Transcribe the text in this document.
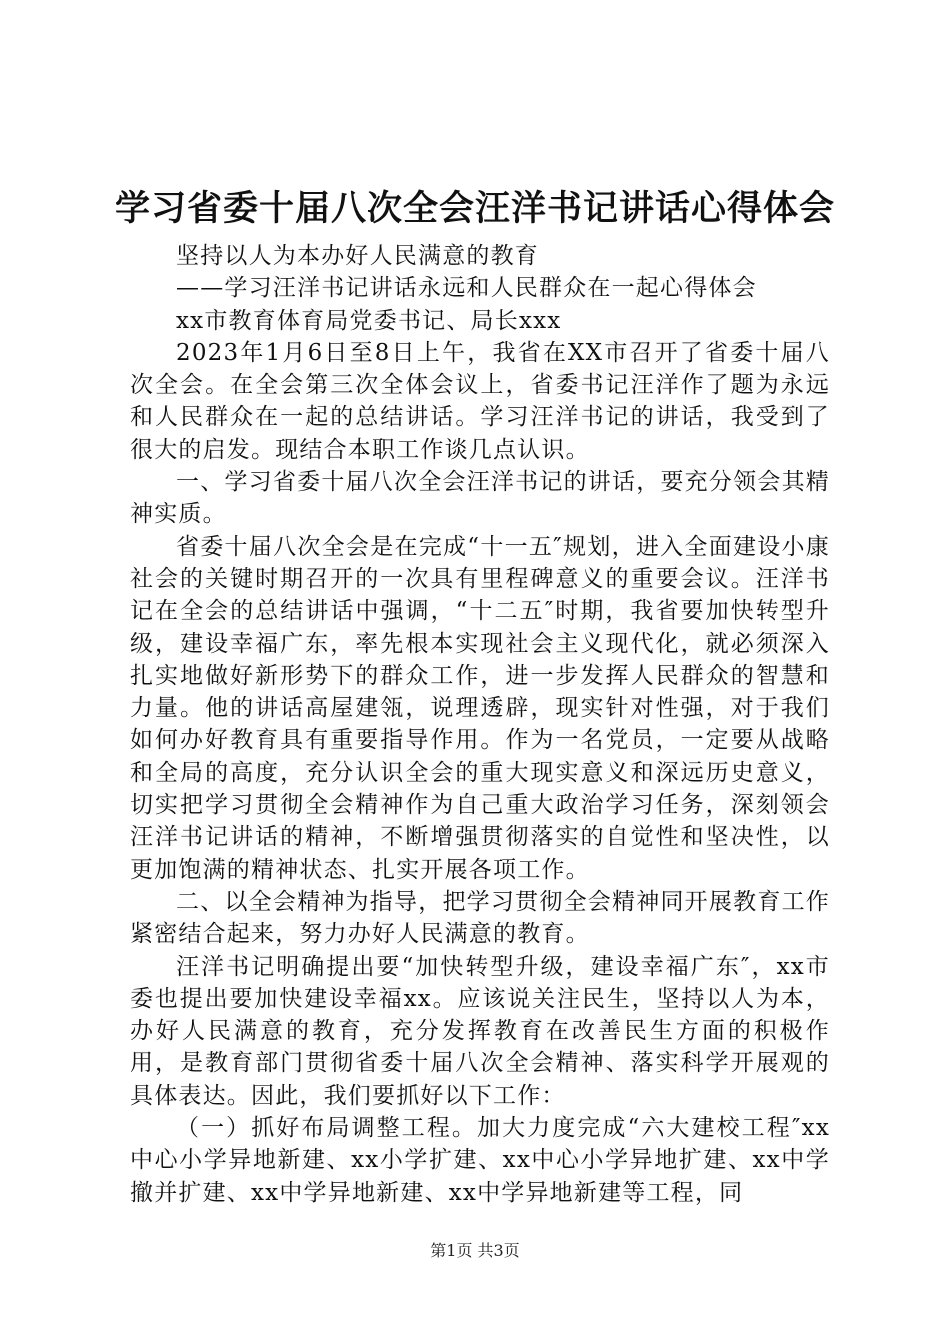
学习省委十届八次全会汪洋书记讲话心得体会

坚持以人为本办好人民满意的教育

——学习汪洋书记讲话永远和人民群众在一起心得体会

xx市教育体育局党委书记、局长xxx

2023年1月6日至8日上午，我省在XX市召开了省委十届八次全会。在全会第三次全体会议上，省委书记汪洋作了题为永远和人民群众在一起的总结讲话。学习汪洋书记的讲话，我受到了很大的启发。现结合本职工作谈几点认识。

一、学习省委十届八次全会汪洋书记的讲话，要充分领会其精神实质。

省委十届八次全会是在完成“十一五″规划，进入全面建设小康社会的关键时期召开的一次具有里程碑意义的重要会议。汪洋书记在全会的总结讲话中强调，“十二五″时期，我省要加快转型升级，建设幸福广东，率先根本实现社会主义现代化，就必须深入扎实地做好新形势下的群众工作，进一步发挥人民群众的智慧和力量。他的讲话高屋建瓴，说理透辟，现实针对性强，对于我们如何办好教育具有重要指导作用。作为一名党员，一定要从战略和全局的高度，充分认识全会的重大现实意义和深远历史意义，切实把学习贯彻全会精神作为自己重大政治学习任务，深刻领会汪洋书记讲话的精神，不断增强贯彻落实的自觉性和坚决性，以更加饱满的精神状态、扎实开展各项工作。

二、以全会精神为指导，把学习贯彻全会精神同开展教育工作紧密结合起来，努力办好人民满意的教育。

汪洋书记明确提出要“加快转型升级，建设幸福广东″，xx市委也提出要加快建设幸福xx。应该说关注民生，坚持以人为本，办好人民满意的教育，充分发挥教育在改善民生方面的积极作用，是教育部门贯彻省委十届八次全会精神、落实科学开展观的具体表达。因此，我们要抓好以下工作：

（一）抓好布局调整工程。加大力度完成“六大建校工程″xx中心小学异地新建、xx小学扩建、xx中心小学异地扩建、xx中学撤并扩建、xx中学异地新建、xx中学异地新建等工程，同

第1页 共3页
